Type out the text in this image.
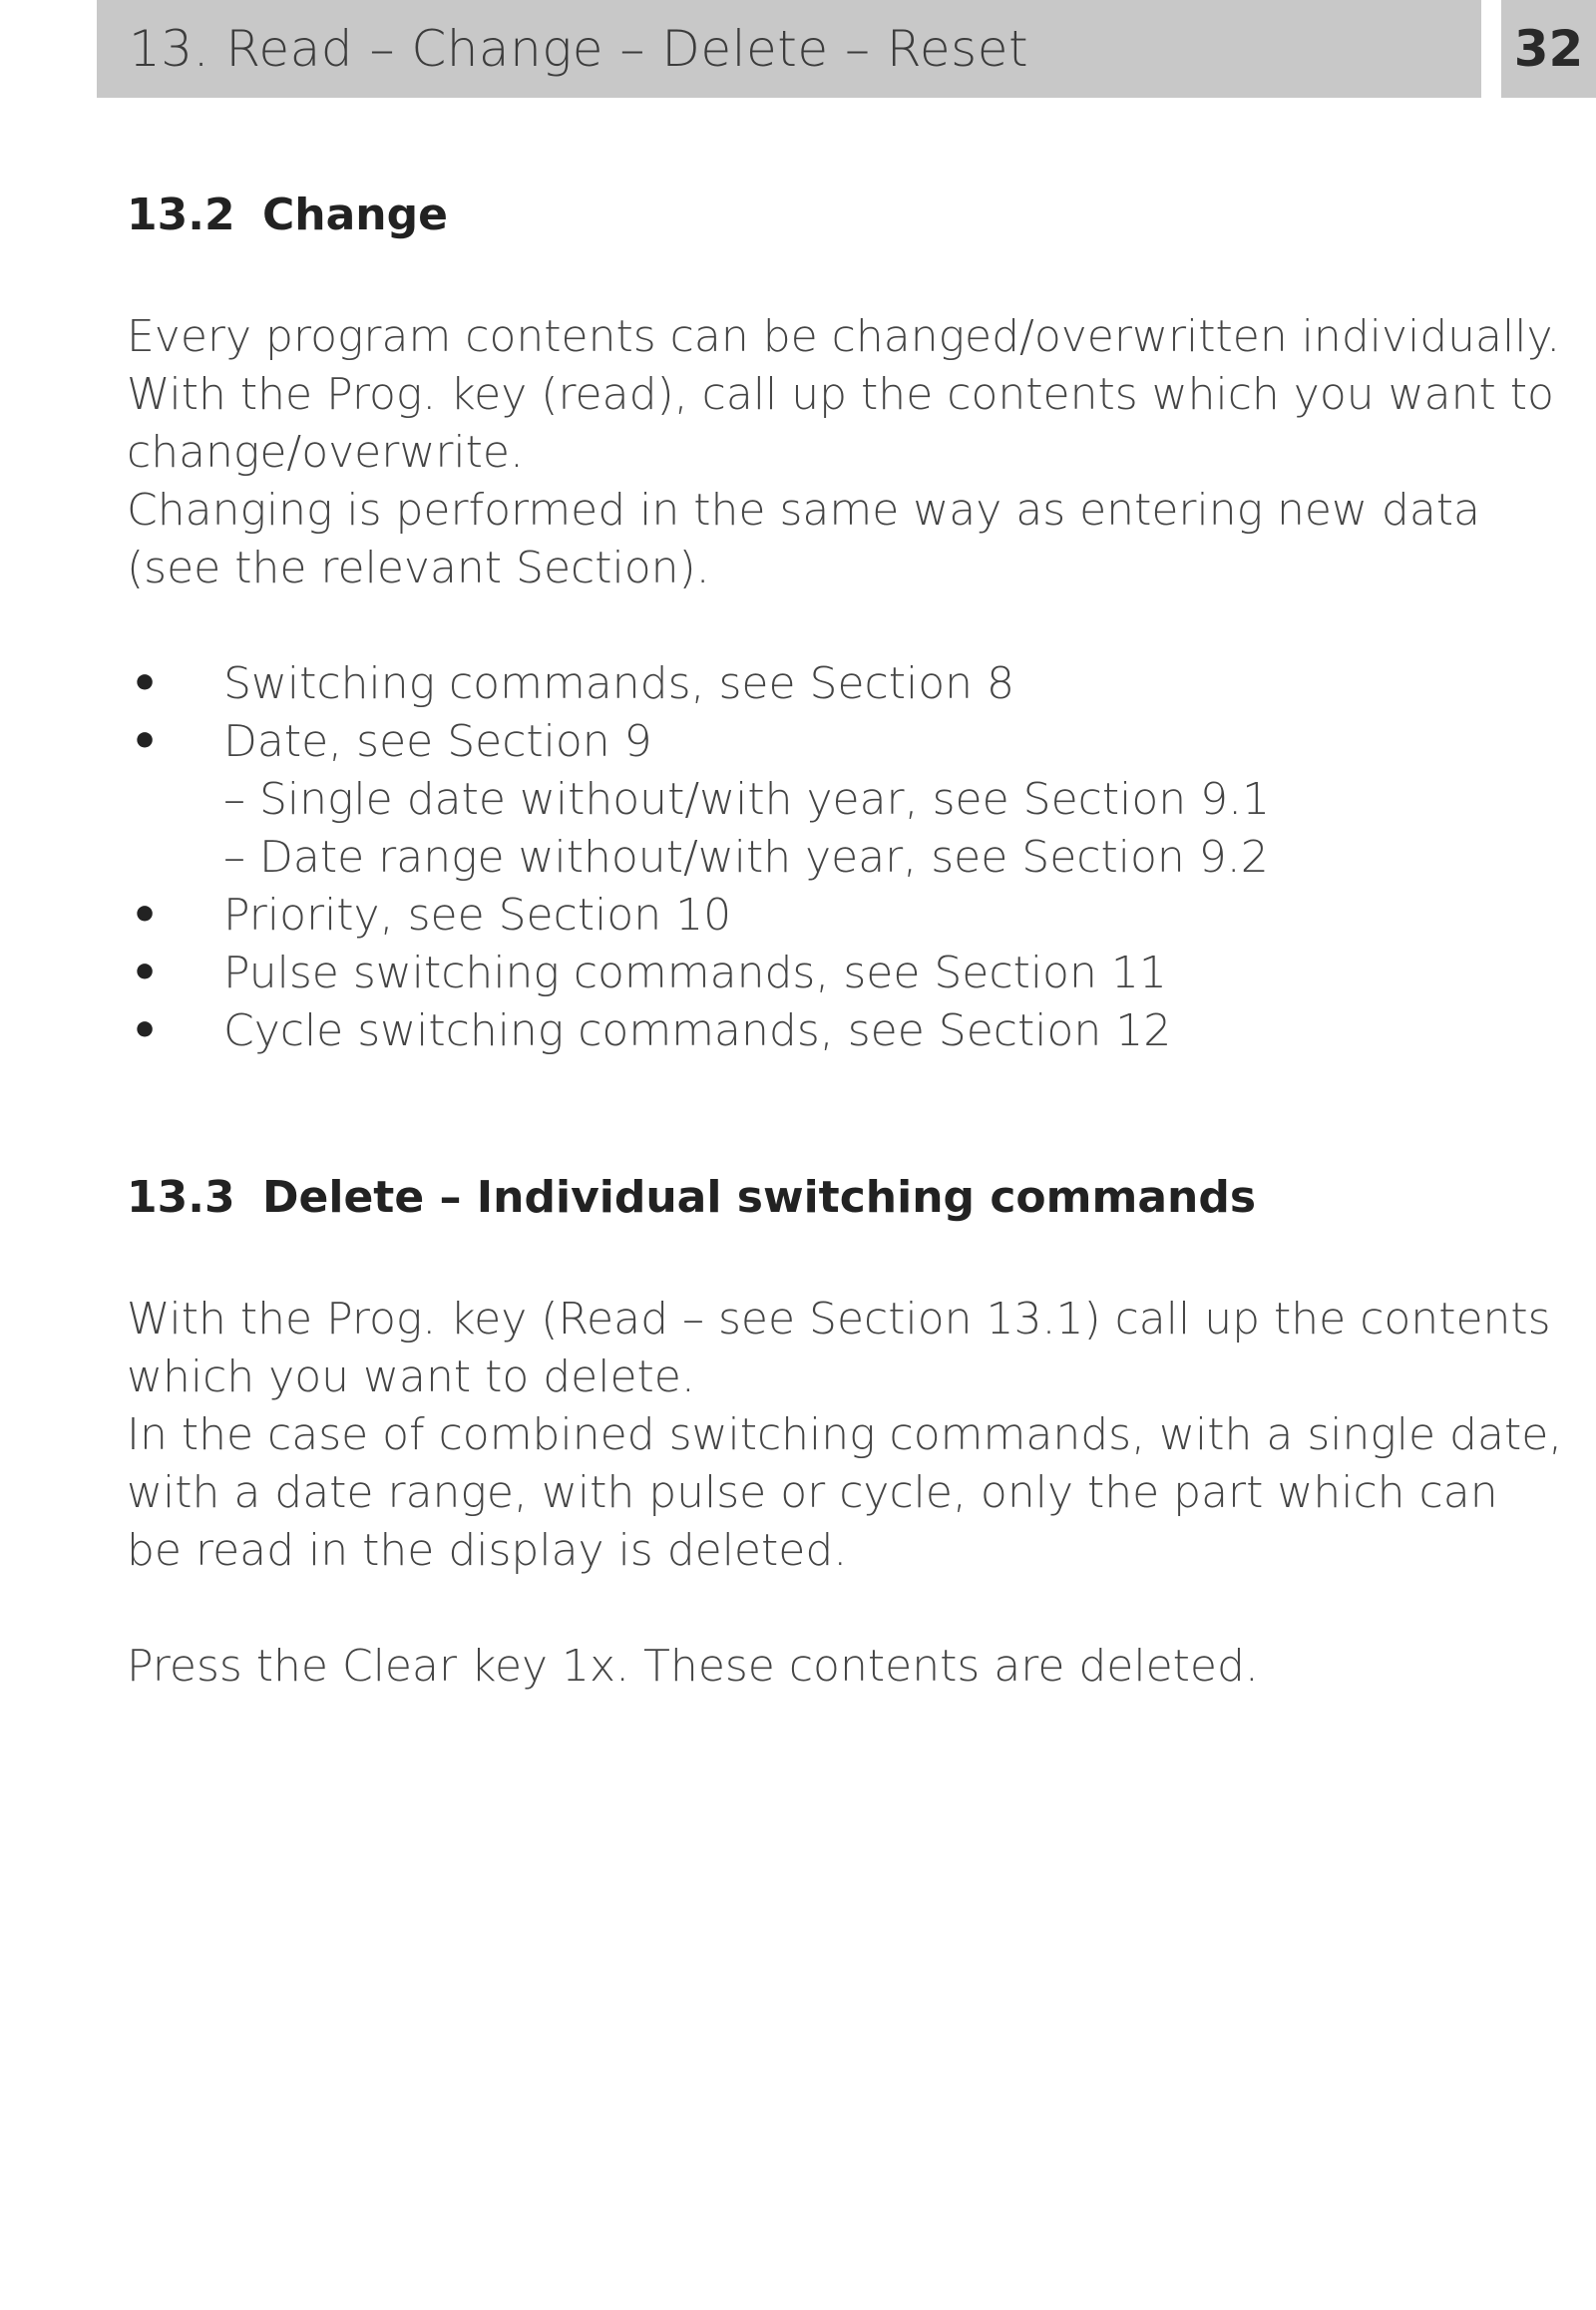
13. Read – Change – Delete – Reset	32
13.2 Change

Every program contents can be changed/overwritten individually.
With the Prog. key (read), call up the contents which you want to
change/overwrite.
Changing is performed in the same way as entering new data
(see the relevant Section).

• Switching commands, see Section 8
• Date, see Section 9
– Single date without/with year, see Section 9.1
– Date range without/with year, see Section 9.2
• Priority, see Section 10
• Pulse switching commands, see Section 11
• Cycle switching commands, see Section 12
13.3 Delete – Individual switching commands

With the Prog. key (Read – see Section 13.1) call up the contents
which you want to delete.
In the case of combined switching commands, with a single date,
with a date range, with pulse or cycle, only the part which can
be read in the display is deleted.

Press the Clear key 1x. These contents are deleted.
